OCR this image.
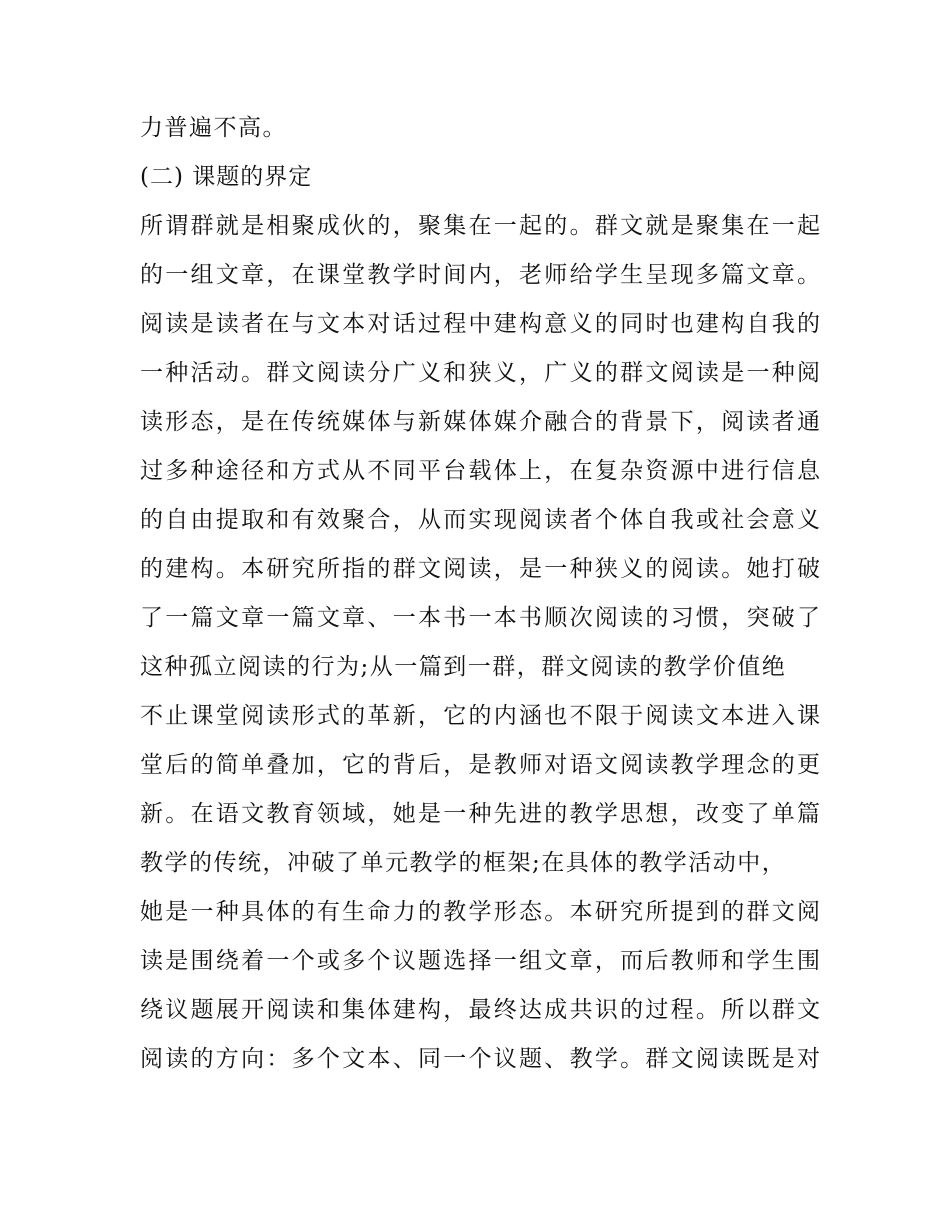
力普遍不高。
(二) 课题的界定
所谓群就是相聚成伙的，聚集在一起的。群文就是聚集在一起
的一组文章，在课堂教学时间内，老师给学生呈现多篇文章。
阅读是读者在与文本对话过程中建构意义的同时也建构自我的
一种活动。群文阅读分广义和狭义，广义的群文阅读是一种阅
读形态，是在传统媒体与新媒体媒介融合的背景下，阅读者通
过多种途径和方式从不同平台载体上，在复杂资源中进行信息
的自由提取和有效聚合，从而实现阅读者个体自我或社会意义
的建构。本研究所指的群文阅读，是一种狭义的阅读。她打破
了一篇文章一篇文章、一本书一本书顺次阅读的习惯，突破了
这种孤立阅读的行为;从一篇到一群，群文阅读的教学价值绝
不止课堂阅读形式的革新，它的内涵也不限于阅读文本进入课
堂后的简单叠加，它的背后，是教师对语文阅读教学理念的更
新。在语文教育领域，她是一种先进的教学思想，改变了单篇
教学的传统，冲破了单元教学的框架;在具体的教学活动中，
她是一种具体的有生命力的教学形态。本研究所提到的群文阅
读是围绕着一个或多个议题选择一组文章，而后教师和学生围
绕议题展开阅读和集体建构，最终达成共识的过程。所以群文
阅读的方向：多个文本、同一个议题、教学。群文阅读既是对
